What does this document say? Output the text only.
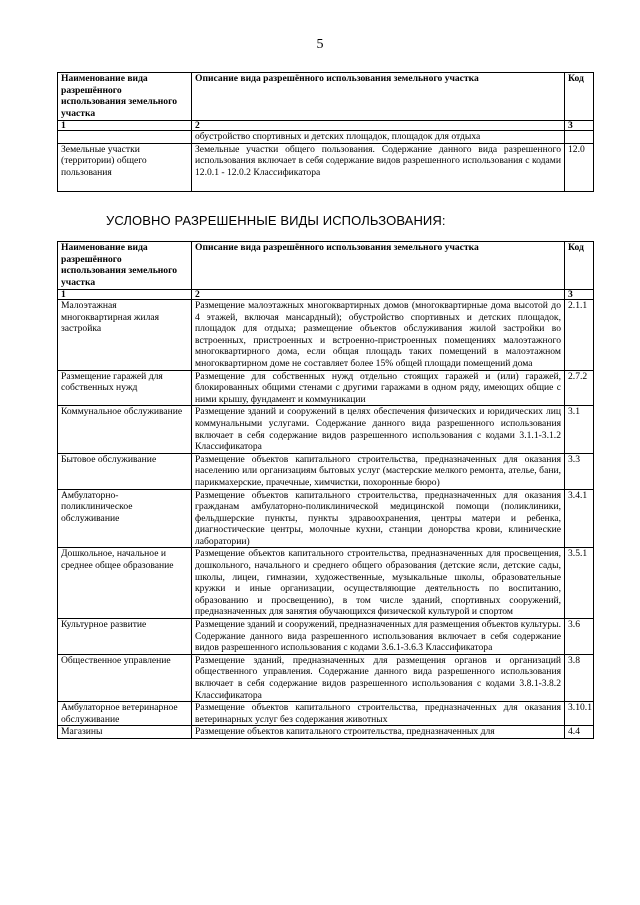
5
Наименование вида разрешённого использования земельного участка	Описание вида разрешённого использования земельного участка	Код
1	2	3
	обустройство спортивных и детских площадок, площадок для отдыха	
Земельные участки (территории) общего пользования	Земельные участки общего пользования. Содержание данного вида разрешенного использования включает в себя содержание видов разрешенного использования с кодами 12.0.1 - 12.0.2 Классификатора	12.0
УСЛОВНО РАЗРЕШЕННЫЕ ВИДЫ ИСПОЛЬЗОВАНИЯ:
Наименование вида разрешённого использования земельного участка	Описание вида разрешённого использования земельного участка	Код
1	2	3
Малоэтажная многоквартирная жилая застройка	Размещение малоэтажных многоквартирных домов (многоквартирные дома высотой до 4 этажей, включая мансардный); обустройство спортивных и детских площадок, площадок для отдыха; размещение объектов обслуживания жилой застройки во встроенных, пристроенных и встроенно-пристроенных помещениях малоэтажного многоквартирного дома, если общая площадь таких помещений в малоэтажном многоквартирном доме не составляет более 15% общей площади помещений дома	2.1.1
Размещение гаражей для собственных нужд	Размещение для собственных нужд отдельно стоящих гаражей и (или) гаражей, блокированных общими стенами с другими гаражами в одном ряду, имеющих общие с ними крышу, фундамент и коммуникации	2.7.2
Коммунальное обслуживание	Размещение зданий и сооружений в целях обеспечения физических и юридических лиц коммунальными услугами. Содержание данного вида разрешенного использования включает в себя содержание видов разрешенного использования с кодами 3.1.1-3.1.2 Классификатора	3.1
Бытовое обслуживание	Размещение объектов капитального строительства, предназначенных для оказания населению или организациям бытовых услуг (мастерские мелкого ремонта, ателье, бани, парикмахерские, прачечные, химчистки, похоронные бюро)	3.3
Амбулаторно-поликлиническое обслуживание	Размещение объектов капитального строительства, предназначенных для оказания гражданам амбулаторно-поликлинической медицинской помощи (поликлиники, фельдшерские пункты, пункты здравоохранения, центры матери и ребенка, диагностические центры, молочные кухни, станции донорства крови, клинические лаборатории)	3.4.1
Дошкольное, начальное и среднее общее образование	Размещение объектов капитального строительства, предназначенных для просвещения, дошкольного, начального и среднего общего образования (детские ясли, детские сады, школы, лицеи, гимназии, художественные, музыкальные школы, образовательные кружки и иные организации, осуществляющие деятельность по воспитанию, образованию и просвещению), в том числе зданий, спортивных сооружений, предназначенных для занятия обучающихся физической культурой и спортом	3.5.1
Культурное развитие	Размещение зданий и сооружений, предназначенных для размещения объектов культуры. Содержание данного вида разрешенного использования включает в себя содержание видов разрешенного использования с кодами 3.6.1-3.6.3 Классификатора	3.6
Общественное управление	Размещение зданий, предназначенных для размещения органов и организаций общественного управления. Содержание данного вида разрешенного использования включает в себя содержание видов разрешенного использования с кодами 3.8.1-3.8.2 Классификатора	3.8
Амбулаторное ветеринарное обслуживание	Размещение объектов капитального строительства, предназначенных для оказания ветеринарных услуг без содержания животных	3.10.1
Магазины	Размещение объектов капитального строительства, предназначенных для	4.4
